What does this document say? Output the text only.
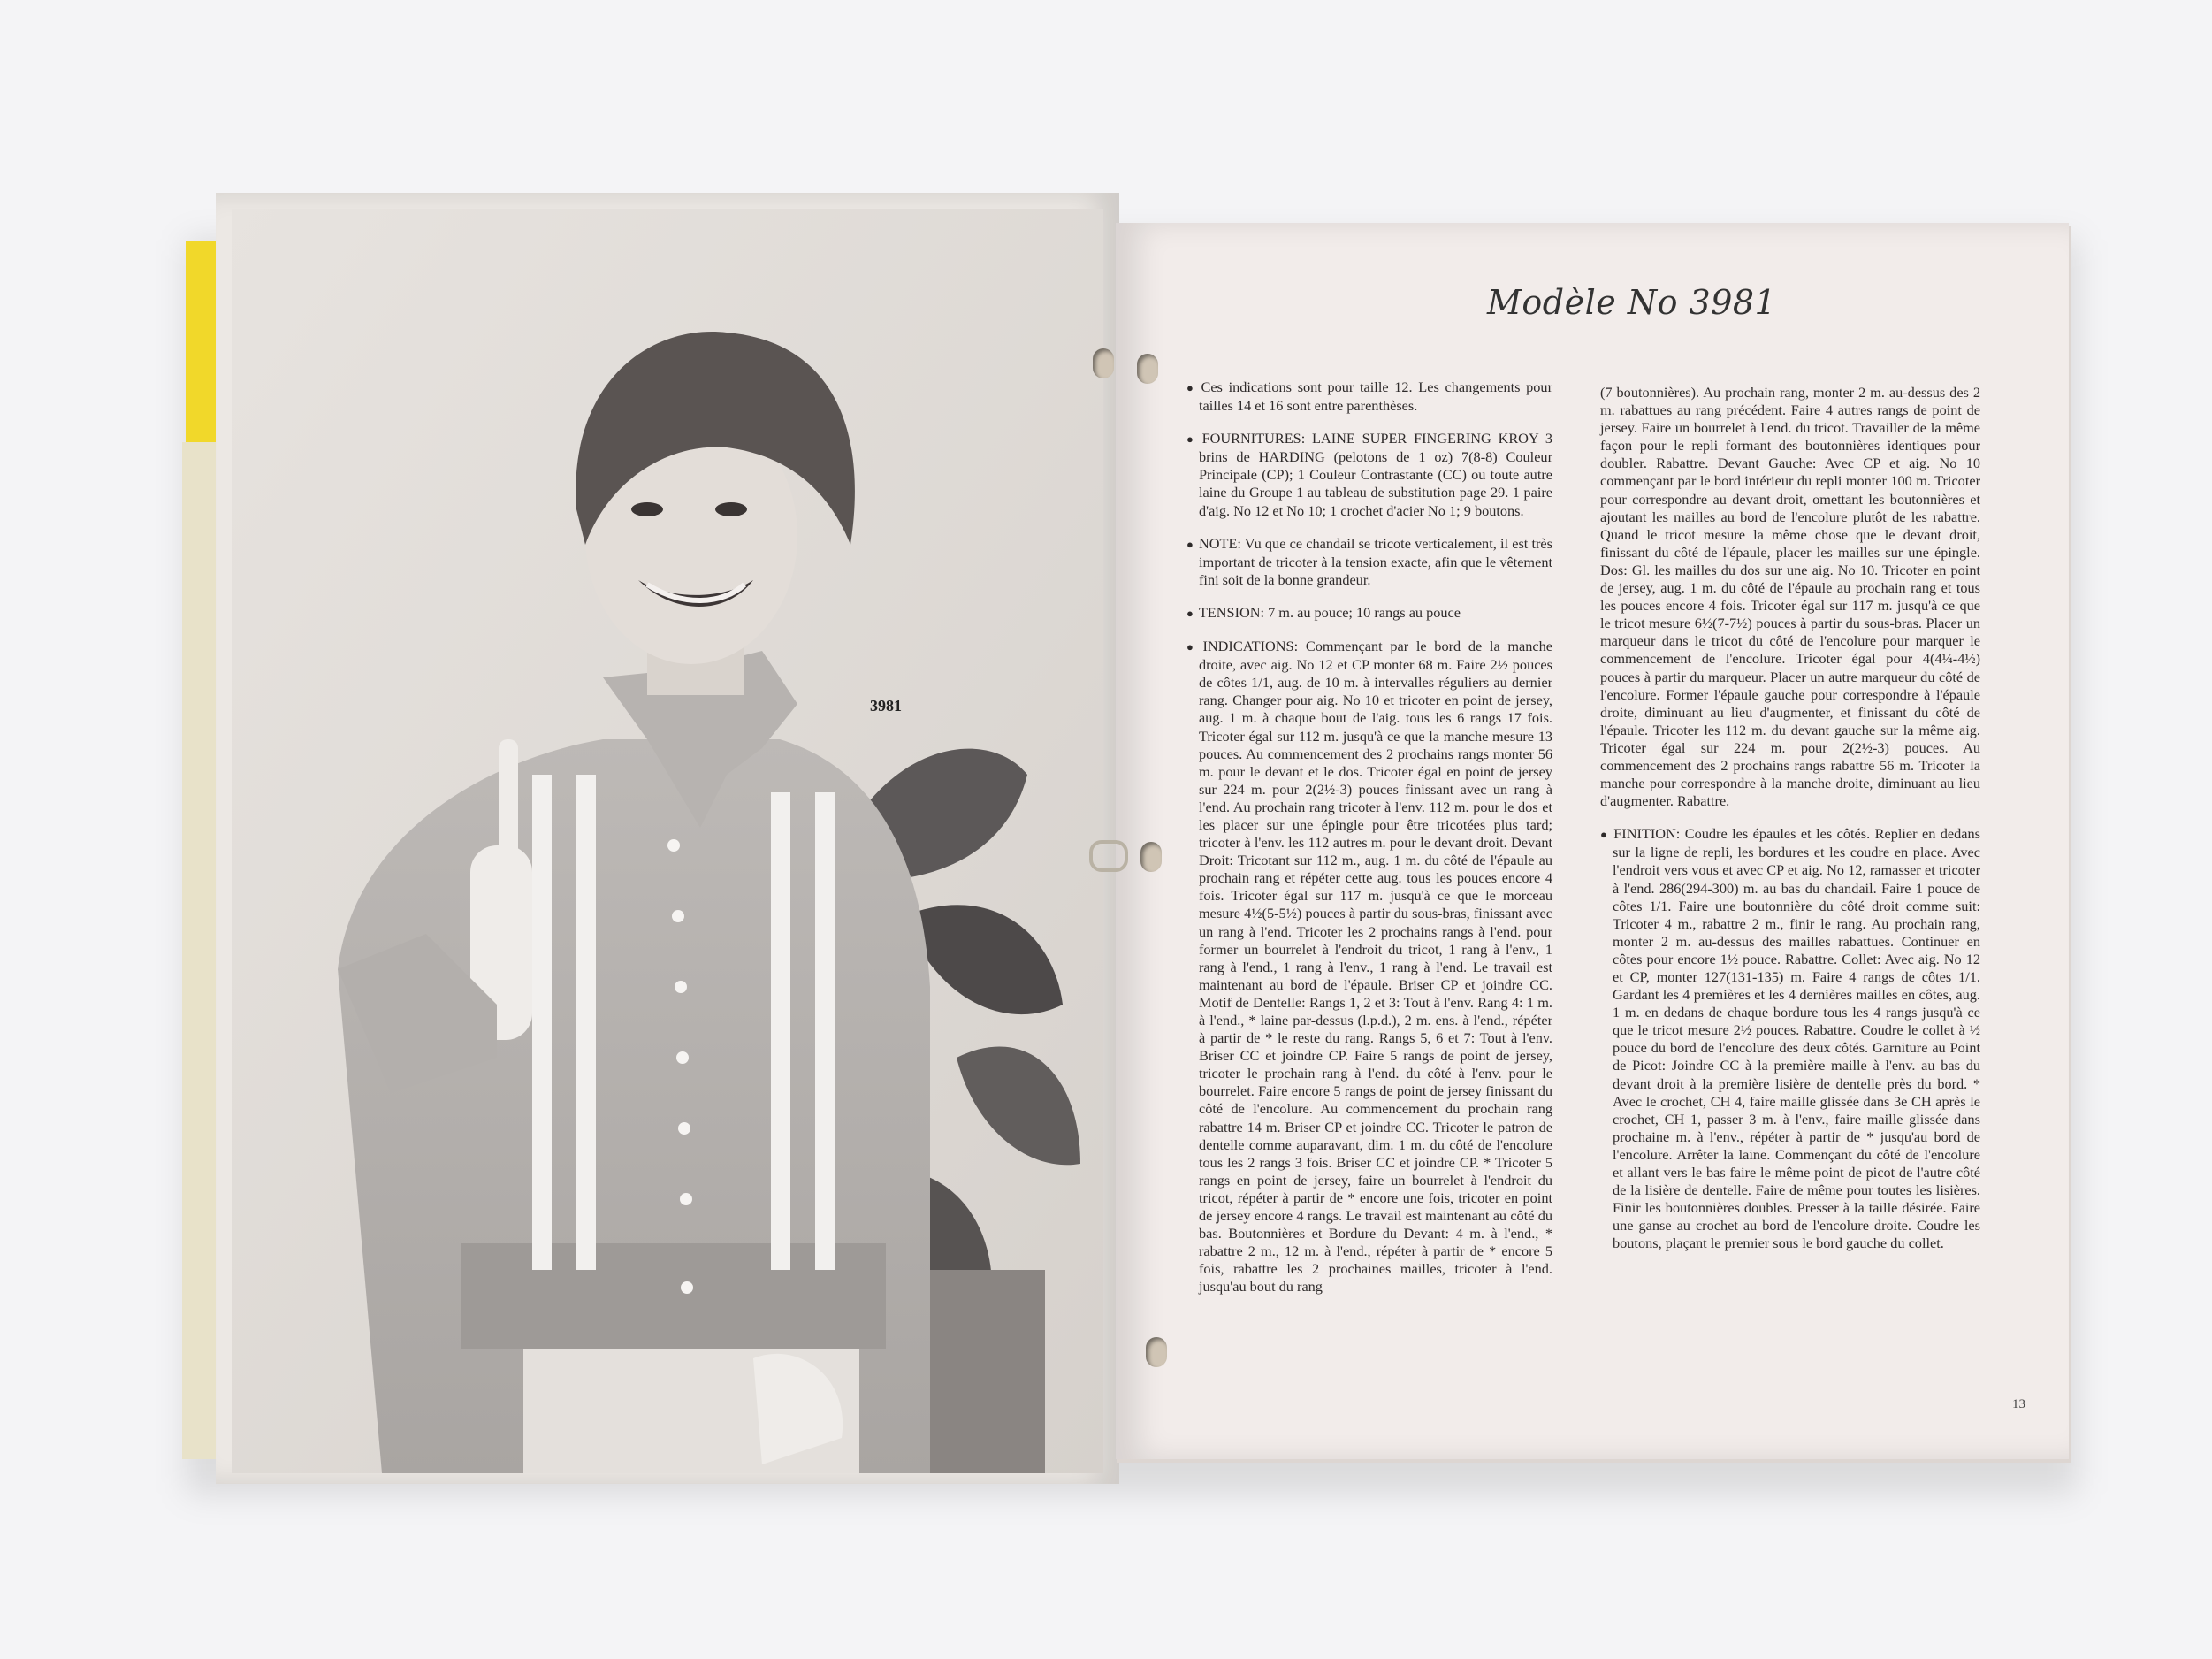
3981
Modèle No 3981

● Ces indications sont pour taille 12. Les changements pour tailles 14 et 16 sont entre parenthèses.

● FOURNITURES: LAINE SUPER FINGERING KROY 3 brins de HARDING (pelotons de 1 oz) 7(8-8) Couleur Principale (CP); 1 Couleur Contrastante (CC) ou toute autre laine du Groupe 1 au tableau de substitution page 29. 1 paire d'aig. No 12 et No 10; 1 crochet d'acier No 1; 9 boutons.

● NOTE: Vu que ce chandail se tricote verticalement, il est très important de tricoter à la tension exacte, afin que le vêtement fini soit de la bonne grandeur.

● TENSION: 7 m. au pouce; 10 rangs au pouce

● INDICATIONS: Commençant par le bord de la manche droite, avec aig. No 12 et CP monter 68 m. Faire 2½ pouces de côtes 1/1, aug. de 10 m. à intervalles réguliers au dernier rang. Changer pour aig. No 10 et tricoter en point de jersey, aug. 1 m. à chaque bout de l'aig. tous les 6 rangs 17 fois. Tricoter égal sur 112 m. jusqu'à ce que la manche mesure 13 pouces. Au commencement des 2 prochains rangs monter 56 m. pour le devant et le dos. Tricoter égal en point de jersey sur 224 m. pour 2(2½-3) pouces finissant avec un rang à l'end. Au prochain rang tricoter à l'env. 112 m. pour le dos et les placer sur une épingle pour être tricotées plus tard; tricoter à l'env. les 112 autres m. pour le devant droit. Devant Droit: Tricotant sur 112 m., aug. 1 m. du côté de l'épaule au prochain rang et répéter cette aug. tous les pouces encore 4 fois. Tricoter égal sur 117 m. jusqu'à ce que le morceau mesure 4½(5-5½) pouces à partir du sous-bras, finissant avec un rang à l'end. Tricoter les 2 prochains rangs à l'end. pour former un bourrelet à l'endroit du tricot, 1 rang à l'env., 1 rang à l'end., 1 rang à l'env., 1 rang à l'end. Le travail est maintenant au bord de l'épaule. Briser CP et joindre CC. Motif de Dentelle: Rangs 1, 2 et 3: Tout à l'env. Rang 4: 1 m. à l'end., * laine par-dessus (l.p.d.), 2 m. ens. à l'end., répéter à partir de * le reste du rang. Rangs 5, 6 et 7: Tout à l'env. Briser CC et joindre CP. Faire 5 rangs de point de jersey, tricoter le prochain rang à l'end. du côté à l'env. pour le bourrelet. Faire encore 5 rangs de point de jersey finissant du côté de l'encolure. Au commencement du prochain rang rabattre 14 m. Briser CP et joindre CC. Tricoter le patron de dentelle comme auparavant, dim. 1 m. du côté de l'encolure tous les 2 rangs 3 fois. Briser CC et joindre CP. * Tricoter 5 rangs en point de jersey, faire un bourrelet à l'endroit du tricot, répéter à partir de * encore une fois, tricoter en point de jersey encore 4 rangs. Le travail est maintenant au côté du bas. Boutonnières et Bordure du Devant: 4 m. à l'end., * rabattre 2 m., 12 m. à l'end., répéter à partir de * encore 5 fois, rabattre les 2 prochaines mailles, tricoter à l'end. jusqu'au bout du rang

(7 boutonnières). Au prochain rang, monter 2 m. au-dessus des 2 m. rabattues au rang précédent. Faire 4 autres rangs de point de jersey. Faire un bourrelet à l'end. du tricot. Travailler de la même façon pour le repli formant des boutonnières identiques pour doubler. Rabattre. Devant Gauche: Avec CP et aig. No 10 commençant par le bord intérieur du repli monter 100 m. Tricoter pour correspondre au devant droit, omettant les boutonnières et ajoutant les mailles au bord de l'encolure plutôt de les rabattre. Quand le tricot mesure la même chose que le devant droit, finissant du côté de l'épaule, placer les mailles sur une épingle. Dos: Gl. les mailles du dos sur une aig. No 10. Tricoter en point de jersey, aug. 1 m. du côté de l'épaule au prochain rang et tous les pouces encore 4 fois. Tricoter égal sur 117 m. jusqu'à ce que le tricot mesure 6½(7-7½) pouces à partir du sous-bras. Placer un marqueur dans le tricot du côté de l'encolure pour marquer le commencement de l'encolure. Tricoter égal pour 4(4¼-4½) pouces à partir du marqueur. Placer un autre marqueur du côté de l'encolure. Former l'épaule gauche pour correspondre à l'épaule droite, diminuant au lieu d'augmenter, et finissant du côté de l'épaule. Tricoter les 112 m. du devant gauche sur la même aig. Tricoter égal sur 224 m. pour 2(2½-3) pouces. Au commencement des 2 prochains rangs rabattre 56 m. Tricoter la manche pour correspondre à la manche droite, diminuant au lieu d'augmenter. Rabattre.

● FINITION: Coudre les épaules et les côtés. Replier en dedans sur la ligne de repli, les bordures et les coudre en place. Avec l'endroit vers vous et avec CP et aig. No 12, ramasser et tricoter à l'end. 286(294-300) m. au bas du chandail. Faire 1 pouce de côtes 1/1. Faire une boutonnière du côté droit comme suit: Tricoter 4 m., rabattre 2 m., finir le rang. Au prochain rang, monter 2 m. au-dessus des mailles rabattues. Continuer en côtes pour encore 1½ pouce. Rabattre. Collet: Avec aig. No 12 et CP, monter 127(131-135) m. Faire 4 rangs de côtes 1/1. Gardant les 4 premières et les 4 dernières mailles en côtes, aug. 1 m. en dedans de chaque bordure tous les 4 rangs jusqu'à ce que le tricot mesure 2½ pouces. Rabattre. Coudre le collet à ½ pouce du bord de l'encolure des deux côtés. Garniture au Point de Picot: Joindre CC à la première maille à l'env. au bas du devant droit à la première lisière de dentelle près du bord. * Avec le crochet, CH 4, faire maille glissée dans 3e CH après le crochet, CH 1, passer 3 m. à l'env., faire maille glissée dans prochaine m. à l'env., répéter à partir de * jusqu'au bord de l'encolure. Arrêter la laine. Commençant du côté de l'encolure et allant vers le bas faire le même point de picot de l'autre côté de la lisière de dentelle. Faire de même pour toutes les lisières. Finir les boutonnières doubles. Presser à la taille désirée. Faire une ganse au crochet au bord de l'encolure droite. Coudre les boutons, plaçant le premier sous le bord gauche du collet.

13
